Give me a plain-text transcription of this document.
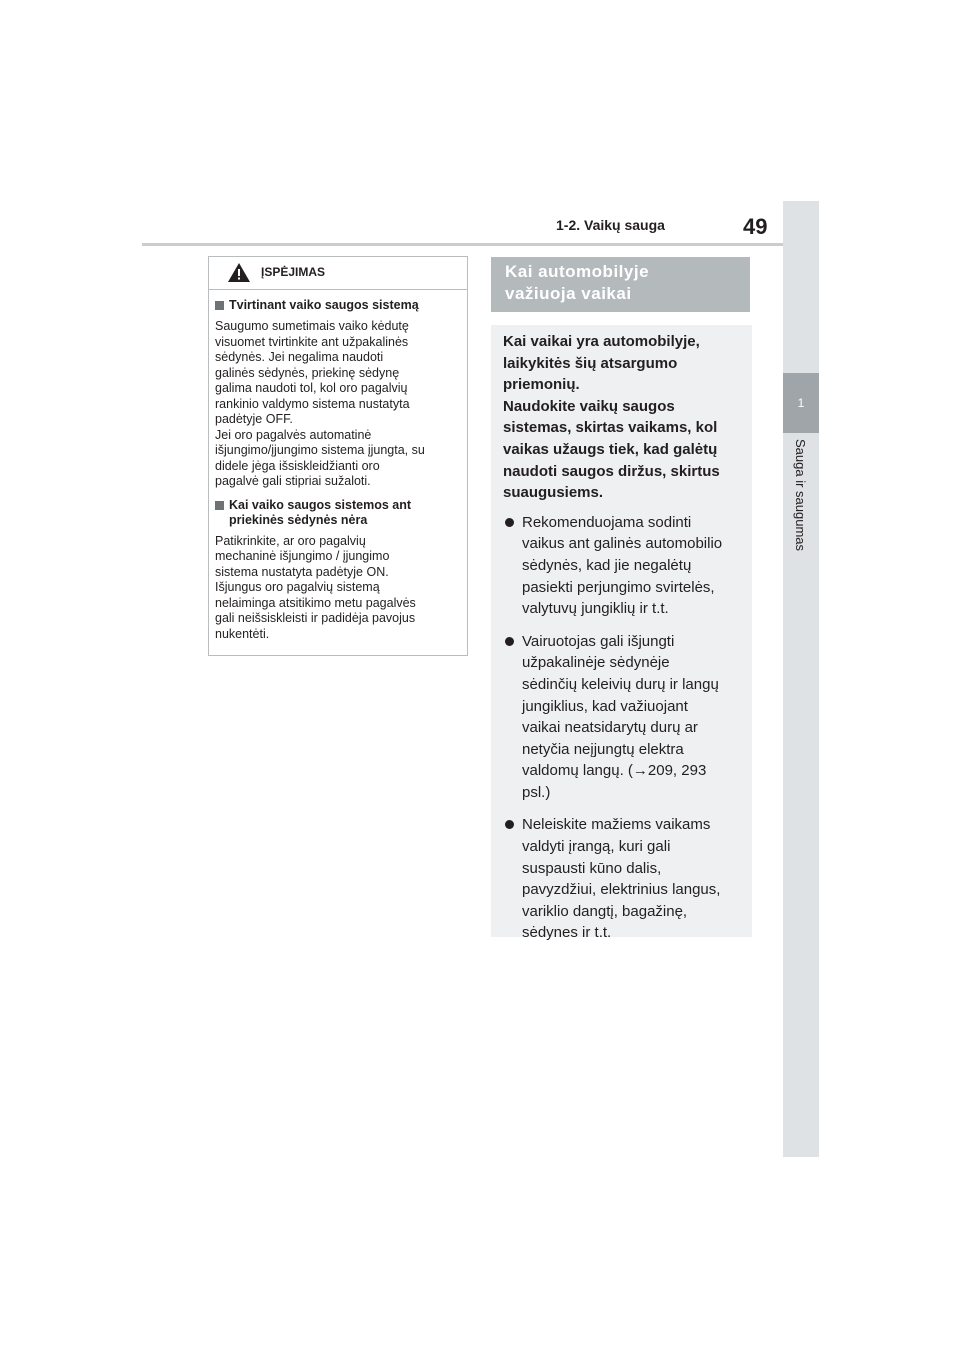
1-2. Vaikų sauga	49
1
Sauga ir saugumas
ĮSPĖJIMAS
Tvirtinant vaiko saugos sistemą
Saugumo sumetimais vaiko kėdutę
visuomet tvirtinkite ant užpakalinės
sėdynės. Jei negalima naudoti
galinės sėdynės, priekinę sėdynę
galima naudoti tol, kol oro pagalvių
rankinio valdymo sistema nustatyta
padėtyje OFF.
Jei oro pagalvės automatinė
išjungimo/įjungimo sistema įjungta, su
didele jėga išsiskleidžianti oro
pagalvė gali stipriai sužaloti.
Kai vaiko saugos sistemos ant priekinės sėdynės nėra
Patikrinkite, ar oro pagalvių
mechaninė išjungimo / įjungimo
sistema nustatyta padėtyje ON.
Išjungus oro pagalvių sistemą
nelaiminga atsitikimo metu pagalvės
gali neišsiskleisti ir padidėja pavojus
nukentėti.
Kai automobilyje
važiuoja vaikai
Kai vaikai yra automobilyje,
laikykitės šių atsargumo
priemonių.
Naudokite vaikų saugos
sistemas, skirtas vaikams, kol
vaikas užaugs tiek, kad galėtų
naudoti saugos diržus, skirtus
suaugusiems.
Rekomenduojama sodinti
vaikus ant galinės automobilio
sėdynės, kad jie negalėtų
pasiekti perjungimo svirtelės,
valytuvų jungiklių ir t.t.
Vairuotojas gali išjungti
užpakalinėje sėdynėje
sėdinčių keleivių durų ir langų
jungiklius, kad važiuojant
vaikai neatsidarytų durų ar
netyčia neįjungtų elektra
valdomų langų. (→209, 293
psl.)
Neleiskite mažiems vaikams
valdyti įrangą, kuri gali
suspausti kūno dalis,
pavyzdžiui, elektrinius langus,
variklio dangtį, bagažinę,
sėdynes ir t.t.
